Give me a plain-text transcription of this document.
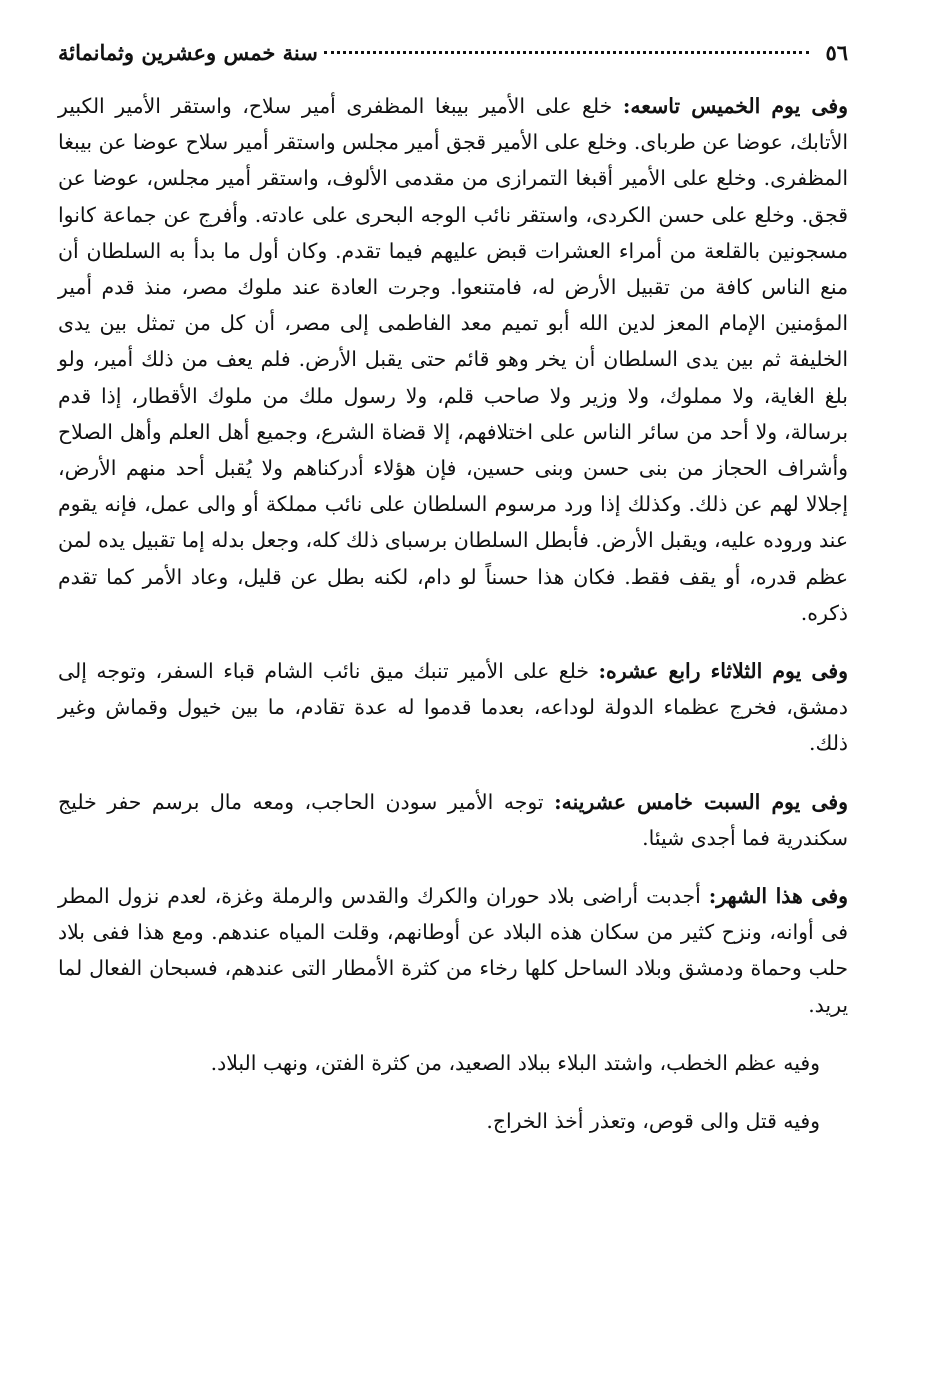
٥٦
سنة خمس وعشرين وثمانمائة

وفى يوم الخميس تاسعه: خلع على الأمير بيبغا المظفرى أمير سلاح، واستقر الأمير الكبير الأتابك، عوضا عن طربای. وخلع على الأمير قجق أمير مجلس واستقر أمير سلاح عوضا عن بيبغا المظفرى. وخلع على الأمير أقبغا التمرازى من مقدمى الألوف، واستقر أمير مجلس، عوضا عن قجق. وخلع على حسن الكردى، واستقر نائب الوجه البحرى على عادته. وأفرج عن جماعة كانوا مسجونين بالقلعة من أمراء العشرات قبض عليهم فيما تقدم. وكان أول ما بدأ به السلطان أن منع الناس كافة من تقبيل الأرض له، فامتنعوا. وجرت العادة عند ملوك مصر، منذ قدم أمير المؤمنين الإمام المعز لدين الله أبو تميم معد الفاطمى إلى مصر، أن كل من تمثل بين يدى الخليفة ثم بين يدى السلطان أن يخر وهو قائم حتى يقبل الأرض. فلم يعف من ذلك أمير، ولو بلغ الغاية، ولا مملوك، ولا وزير ولا صاحب قلم، ولا رسول ملك من ملوك الأقطار، إذا قدم برسالة، ولا أحد من سائر الناس على اختلافهم، إلا قضاة الشرع، وجميع أهل العلم وأهل الصلاح وأشراف الحجاز من بنى حسن وبنى حسين، فإن هؤلاء أدركناهم ولا يُقبل أحد منهم الأرض، إجلالا لهم عن ذلك. وكذلك إذا ورد مرسوم السلطان على نائب مملكة أو والى عمل، فإنه يقوم عند وروده عليه، ويقبل الأرض. فأبطل السلطان برسبای ذلك كله، وجعل بدله إما تقبيل يده لمن عظم قدره، أو يقف فقط. فكان هذا حسناً لو دام، لكنه بطل عن قليل، وعاد الأمر كما تقدم ذكره.

وفى يوم الثلاثاء رابع عشره: خلع على الأمير تنبك ميق نائب الشام قباء السفر، وتوجه إلى دمشق، فخرج عظماء الدولة لوداعه، بعدما قدموا له عدة تقادم، ما بين خيول وقماش وغير ذلك.

وفى يوم السبت خامس عشرينه: توجه الأمير سودن الحاجب، ومعه مال برسم حفر خليج سكندرية فما أجدى شيئا.

وفى هذا الشهر: أجدبت أراضى بلاد حوران والكرك والقدس والرملة وغزة، لعدم نزول المطر فى أوانه، ونزح كثير من سكان هذه البلاد عن أوطانهم، وقلت المياه عندهم. ومع هذا ففى بلاد حلب وحماة ودمشق وبلاد الساحل كلها رخاء من كثرة الأمطار التى عندهم، فسبحان الفعال لما يريد.

وفيه عظم الخطب، واشتد البلاء ببلاد الصعيد، من كثرة الفتن، ونهب البلاد.

وفيه قتل والى قوص، وتعذر أخذ الخراج.
